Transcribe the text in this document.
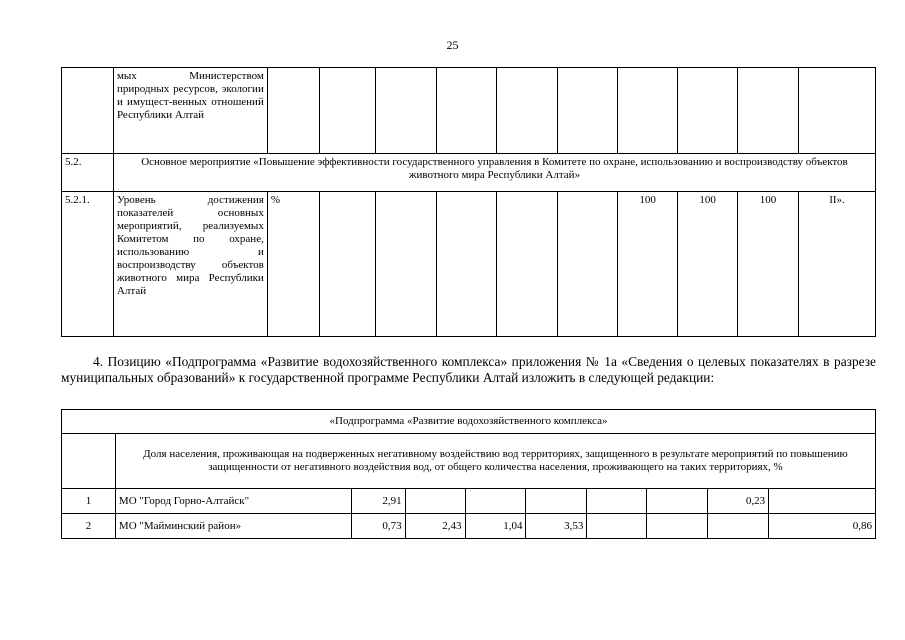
25
	мых Министерством природных ресурсов, экологии и имущест-венных отношений Республики Алтай										
5.2.	Основное мероприятие «Повышение эффективности государственного управления в Комитете по охране, использованию и воспроизводству объектов животного мира Республики Алтай»										
5.2.1.	Уровень достижения показателей основных мероприятий, реализуемых Комитетом по охране, использованию и воспроизводству объектов животного мира Республики Алтай	%						100	100	100	II».
4. Позицию «Подпрограмма «Развитие водохозяйственного комплекса» приложения № 1а «Сведения о целевых показателях в разрезе муниципальных образований» к государственной программе Республики Алтай изложить в следующей редакции:
«Подпрограмма «Развитие водохозяйственного комплекса»									
	Доля населения, проживающая на подверженных негативному воздействию вод территориях, защищенного в результате мероприятий по повышению защищенности от негативного воздействия вод, от общего количества населения, проживающего на таких территориях, %								
1	МО "Город Горно-Алтайск"	2,91						0,23	
2	МО "Майминский район»	0,73	2,43	1,04	3,53				0,86
